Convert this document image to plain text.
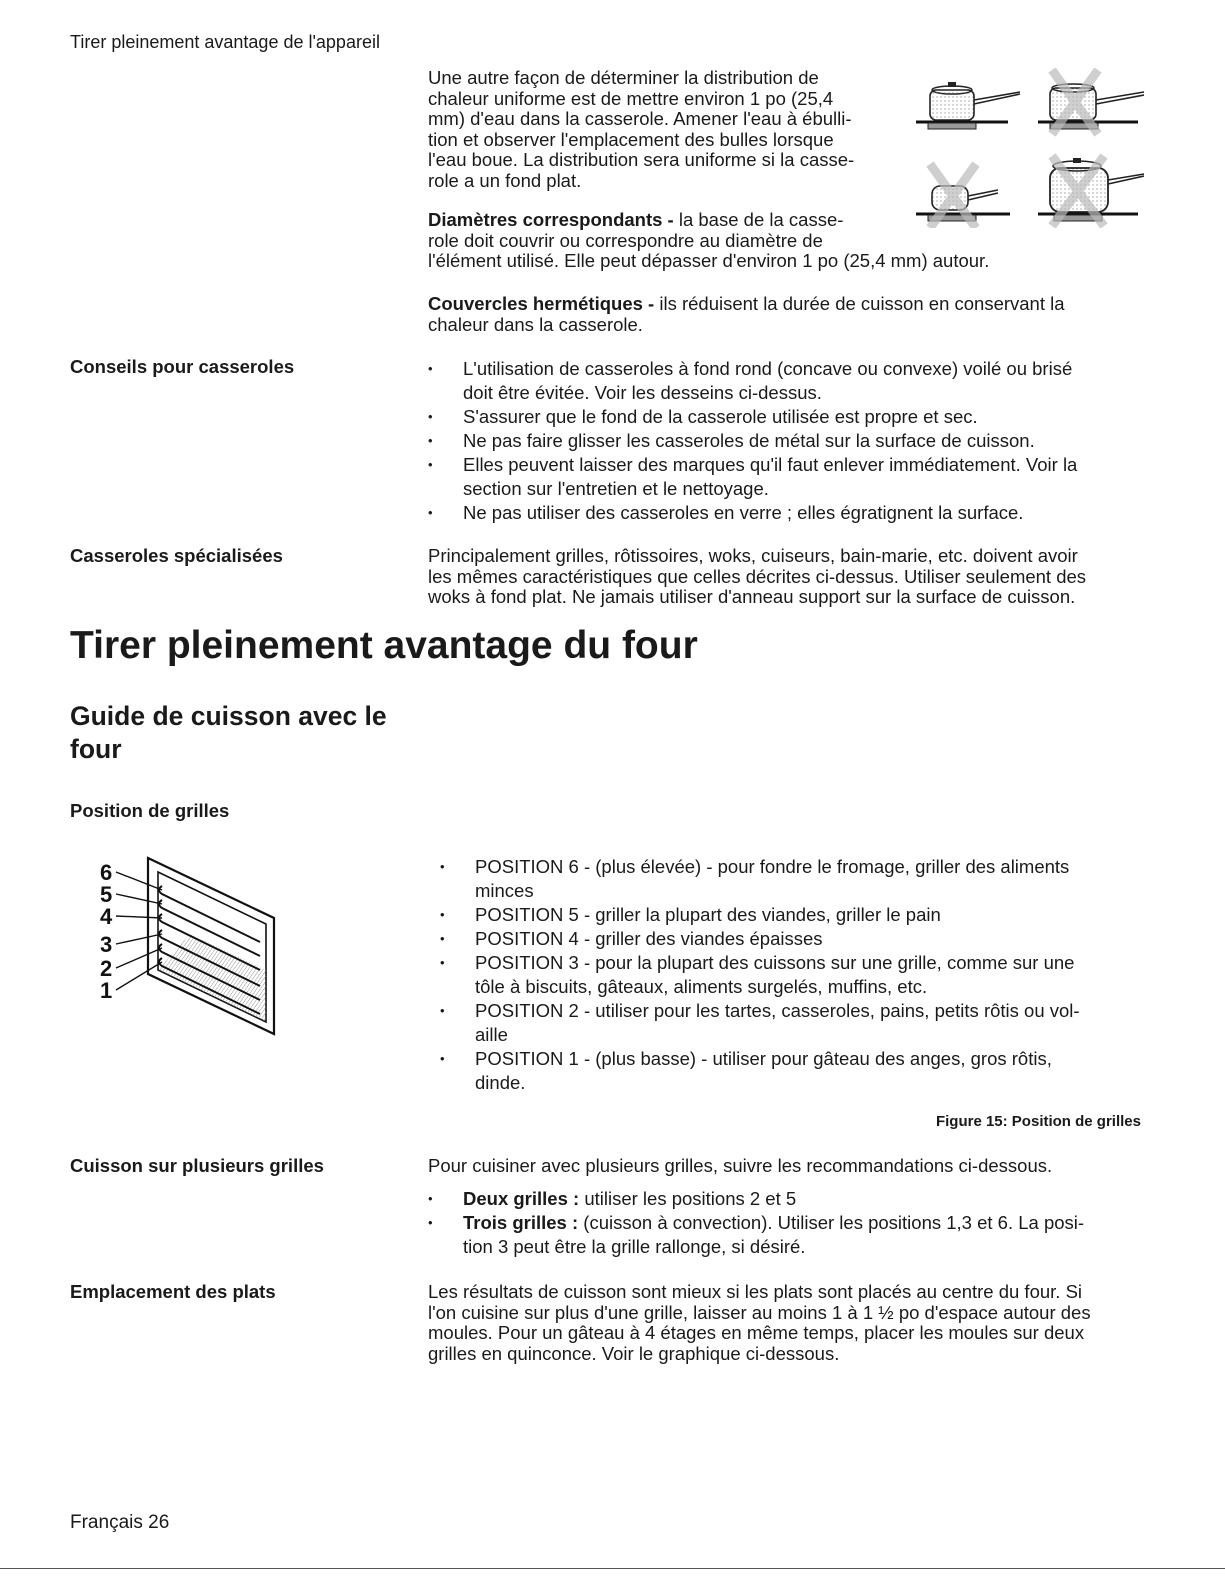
Tirer pleinement avantage de l'appareil
Une autre façon de déterminer la distribution de
chaleur uniforme est de mettre environ 1 po (25,4
mm) d'eau dans la casserole. Amener l'eau à ébulli-
tion et observer l'emplacement des bulles lorsque
l'eau boue. La distribution sera uniforme si la casse-
role a un fond plat.
Diamètres correspondants - la base de la casse-
role doit couvrir ou correspondre au diamètre de
l'élément utilisé. Elle peut dépasser d'environ 1 po (25,4 mm) autour.
Couvercles hermétiques - ils réduisent la durée de cuisson en conservant la
chaleur dans la casserole.
Conseils pour casseroles
•	L'utilisation de casseroles à fond rond (concave ou convexe) voilé ou brisé
doit être évitée. Voir les desseins ci-dessus.
• S'assurer que le fond de la casserole utilisée est propre et sec.
• Ne pas faire glisser les casseroles de métal sur la surface de cuisson.
• Elles peuvent laisser des marques qu'il faut enlever immédiatement. Voir la
section sur l'entretien et le nettoyage.
• Ne pas utiliser des casseroles en verre ; elles égratignent la surface.
Casseroles spécialisées	Principalement grilles, rôtissoires, woks, cuiseurs, bain-marie, etc. doivent avoir
les mêmes caractéristiques que celles décrites ci-dessus. Utiliser seulement des
woks à fond plat. Ne jamais utiliser d'anneau support sur la surface de cuisson.
Tirer pleinement avantage du four
Guide de cuisson avec le
four
Position de grilles
6
5
4
3
2
1
• POSITION 6 - (plus élevée) - pour fondre le fromage, griller des aliments
minces
• POSITION 5 - griller la plupart des viandes, griller le pain
• POSITION 4 - griller des viandes épaisses
• POSITION 3 - pour la plupart des cuissons sur une grille, comme sur une
tôle à biscuits, gâteaux, aliments surgelés, muffins, etc.
• POSITION 2 - utiliser pour les tartes, casseroles, pains, petits rôtis ou vol-
aille
• POSITION 1 - (plus basse) - utiliser pour gâteau des anges, gros rôtis,
dinde.
Figure 15: Position de grilles
Cuisson sur plusieurs grilles	Pour cuisiner avec plusieurs grilles, suivre les recommandations ci-dessous.
• Deux grilles : utiliser les positions 2 et 5
• Trois grilles : (cuisson à convection). Utiliser les positions 1,3 et 6. La posi-
tion 3 peut être la grille rallonge, si désiré.
Emplacement des plats	Les résultats de cuisson sont mieux si les plats sont placés au centre du four. Si
l'on cuisine sur plus d'une grille, laisser au moins 1 à 1 ½ po d'espace autour des
moules. Pour un gâteau à 4 étages en même temps, placer les moules sur deux
grilles en quinconce. Voir le graphique ci-dessous.
Français 26
